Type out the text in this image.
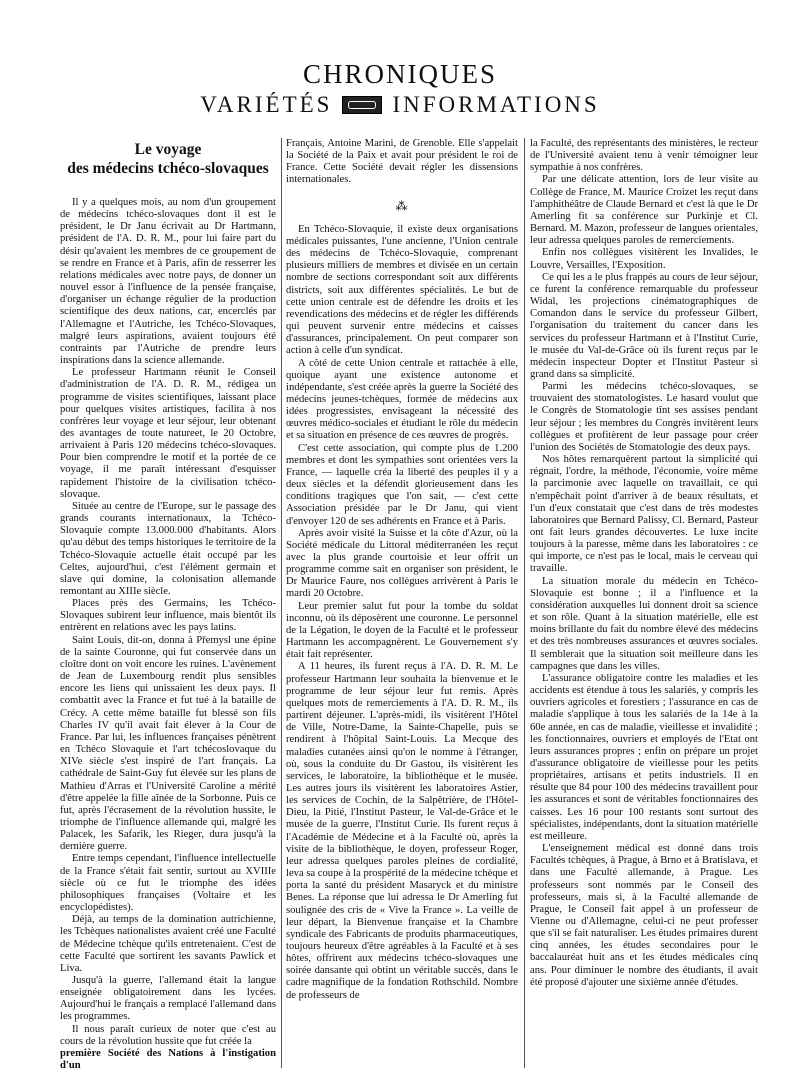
CHRONIQUES
VARIÉTÉS	INFORMATIONS
Le voyage
des médecins tchéco-slovaques

Il y a quelques mois, au nom d'un groupement de médecins tchéco-slovaques dont il est le président, le Dr Janu écrivait au Dr Hartmann, président de l'A. D. R. M., pour lui faire part du désir qu'avaient les membres de ce groupement de se rendre en France et à Paris, afin de resserrer les relations médicales avec notre pays, de donner un nouvel essor à l'influence de la pensée française, d'organiser un échange régulier de la production scientifique des deux nations, car, encerclés par l'Allemagne et l'Autriche, les Tchéco-Slovaques, malgré leurs aspirations, avaient toujours été contraints par l'Autriche de prendre leurs inspirations dans la science allemande.

Le professeur Hartmann réunit le Conseil d'administration de l'A. D. R. M., rédigea un programme de visites scientifiques, laissant place pour quelques visites artistiques, facilita à nos confrères leur voyage et leur séjour, leur obtenant des avantages de toute natureet, le 20 Octobre, arrivaient à Paris 120 médecins tchéco-slovaques. Pour bien comprendre le motif et la portée de ce voyage, il me paraît intéressant d'esquisser rapidement l'histoire de la civilisation tchéco-slovaque.

Située au centre de l'Europe, sur le passage des grands courants internationaux, la Tchéco-Slovaquie compte 13.000.000 d'habitants. Alors qu'au début des temps historiques le territoire de la Tchéco-Slovaquie actuelle était occupé par les Celtes, aujourd'hui, c'est l'élément germain et slave qui domine, la colonisation allemande remontant au XIIIe siècle.

Places près des Germains, les Tchéco-Slovaques subirent leur influence, mais bientôt ils entrèrent en relations avec les pays latins.

Saint Louis, dit-on, donna à Přemysl une épine de la sainte Couronne, qui fut conservée dans un cloître dont on voit encore les ruines. L'avènement de Jean de Luxembourg rendit plus sensibles encore les liens qui unissaient les deux pays. Il combattit avec la France et fut tué à la bataille de Crécy. A cette même bataille fut blessé son fils Charles IV qu'il avait fait élever à la Cour de France. Par lui, les influences françaises pénètrent en Tchéco Slovaquie et l'art tchécoslovaque du XIVe siècle s'est inspiré de l'art français. La cathédrale de Saint-Guy fut élevée sur les plans de Mathieu d'Arras et l'Université Caroline a mérité d'être appelée la fille aînée de la Sorbonne. Puis ce fut, après l'écrasement de la révolution hussite, le triomphe de l'influence allemande qui, malgré les Palacek, les Safarik, les Rieger, dura jusqu'à la dernière guerre.

Entre temps cependant, l'influence intellectuelle de la France s'était fait sentir, surtout au XVIIIe siècle où ce fut le triomphe des idées philosophiques françaises (Voltaire et les encyclopédistes).

Déjà, au temps de la domination autrichienne, les Tchèques nationalistes avaient créé une Faculté de Médecine tchèque qu'ils entretenaient. C'est de cette Faculté que sortirent les savants Pawlick et Liva.

Jusqu'à la guerre, l'allemand était la langue enseignée obligatoirement dans les lycées. Aujourd'hui le français a remplacé l'allemand dans les programmes.

Il nous paraît curieux de noter que c'est au cours de la révolution hussite que fut créée la

première Société des Nations à l'instigation d'un

Français, Antoine Marini, de Grenoble. Elle s'appelait la Société de la Paix et avait pour président le roi de France. Cette Société devait régler les dissensions internationales.

⁂

En Tchéco-Slovaquie, il existe deux organisations médicales puissantes, l'une ancienne, l'Union centrale des médecins de Tchéco-Slovaquie, comprenant plusieurs milliers de membres et divisée en un certain nombre de sections correspondant soit aux différents districts, soit aux différentes spécialités. Le but de cette union centrale est de défendre les droits et les revendications des médecins et de régler les différends qui peuvent survenir entre médecins et caisses d'assurances, principalement. On peut comparer son action à celle d'un syndicat.

A côté de cette Union centrale et rattachée à elle, quoique ayant une existence autonome et indépendante, s'est créée après la guerre la Société des médecins jeunes-tchèques, formée de médecins aux idées progressistes, envisageant la nécessité des œuvres médico-sociales et étudiant le rôle du médecin et sa situation en présence de ces œuvres de progrès.

C'est cette association, qui compte plus de 1.200 membres et dont les sympathies sont orientées vers la France, — laquelle créa la liberté des peuples il y a deux siècles et la défendit glorieusement dans les conditions tragiques que l'on sait, — c'est cette Association présidée par le Dr Janu, qui vient d'envoyer 120 de ses adhérents en France et à Paris.

Après avoir visité la Suisse et la côte d'Azur, où la Société médicale du Littoral méditerranéen les reçut avec la plus grande courtoisie et leur offrit un programme comme sait en organiser son président, le Dr Maurice Faure, nos collègues arrivèrent à Paris le mardi 20 Octobre.

Leur premier salut fut pour la tombe du soldat inconnu, où ils déposèrent une couronne. Le personnel de la Légation, le doyen de la Faculté et le professeur Hartmann les accompagnèrent. Le Gouvernement s'y était fait représenter.

A 11 heures, ils furent reçus à l'A. D. R. M. Le professeur Hartmann leur souhaita la bienvenue et le programme de leur séjour leur fut remis. Après quelques mots de remerciements à l'A. D. R. M., ils partirent déjeuner. L'après-midi, ils visitèrent l'Hôtel de Ville, Notre-Dame, la Sainte-Chapelle, puis se rendirent à l'hôpital Saint-Louis. La Mecque des maladies cutanées ainsi qu'on le nomme à l'étranger, où, sous la conduite du Dr Gastou, ils visitèrent les services, le laboratoire, la bibliothèque et le musée. Les autres jours ils visitèrent les laboratoires Astier, les services de Cochin, de la Salpêtrière, de l'Hôtel-Dieu, la Pitié, l'Institut Pasteur, le Val-de-Grâce et le musée de la guerre, l'Institut Curie. Ils furent reçus à l'Académie de Médecine et à la Faculté où, après la visite de la bibliothèque, le doyen, professeur Roger, leur adressa quelques paroles pleines de cordialité, leva sa coupe à la prospérité de la médecine tchèque et porta la santé du président Masaryck et du ministre Benes. La réponse que lui adressa le Dr Amerling fut soulignée des cris de « Vive la France ». La veille de leur départ, la Bienvenue française et la Chambre syndicale des Fabricants de produits pharmaceutiques, toujours heureux d'être agréables à la Faculté et à ses hôtes, offrirent aux médecins tchéco-slovaques une soirée dansante qui obtint un véritable succès, dans le cadre magnifique de la fondation Rothschild. Nombre de professeurs de

la Faculté, des représentants des ministères, le recteur de l'Université avaient tenu à venir témoigner leur sympathie à nos confrères.

Par une délicate attention, lors de leur visite au Collège de France, M. Maurice Croizet les reçut dans l'amphithéâtre de Claude Bernard et c'est là que le Dr Amerling fit sa conférence sur Purkinje et Cl. Bernard. M. Mazon, professeur de langues orientales, leur adressa quelques paroles de remerciements.

Enfin nos collègues visitèrent les Invalides, le Louvre, Versailles, l'Exposition.

Ce qui les a le plus frappés au cours de leur séjour, ce furent la conférence remarquable du professeur Widal, les projections cinématographiques de Comandon dans le service du professeur Gilbert, l'organisation du traitement du cancer dans les services du professeur Hartmann et à l'Institut Curie, le musée du Val-de-Grâce où ils furent reçus par le médecin inspecteur Dopter et l'Institut Pasteur si grand dans sa simplicité.

Parmi les médecins tchéco-slovaques, se trouvaient des stomatologistes. Le hasard voulut que le Congrès de Stomatologie tînt ses assises pendant leur séjour ; les membres du Congrès invitèrent leurs collègues et profitèrent de leur passage pour créer l'union des Sociétés de Stomatologie des deux pays.

Nos hôtes remarquèrent partout la simplicité qui régnait, l'ordre, la méthode, l'économie, voire même la parcimonie avec laquelle on travaillait, ce qui n'empêchait point d'arriver à de beaux résultats, et l'un d'eux constatait que c'est dans de très modestes laboratoires que Bernard Palissy, Cl. Bernard, Pasteur ont fait leurs grandes découvertes. Le luxe incite toujours à la paresse, même dans les laboratoires : ce qui importe, ce n'est pas le local, mais le cerveau qui travaille.

La situation morale du médecin en Tchéco-Slovaquie est bonne ; il a l'influence et la considération auxquelles lui donnent droit sa science et son rôle. Quant à la situation matérielle, elle est moins brillante du fait du nombre élevé des médecins et des très nombreuses assurances et œuvres sociales. Il semblerait que la situation soit meilleure dans les campagnes que dans les villes.

L'assurance obligatoire contre les maladies et les accidents est étendue à tous les salariés, y compris les ouvriers agricoles et forestiers ; l'assurance en cas de maladie s'applique à tous les salariés de la 14e à la 60e année, en cas de maladie, vieillesse et invalidité ; les fonctionnaires, ouvriers et employés de l'Etat ont leurs assurances propres ; enfin on prépare un projet d'assurance obligatoire de vieillesse pour les petits propriétaires, artisans et petits industriels. Il en résulte que 84 pour 100 des médecins travaillent pour les assurances et sont de véritables fonctionnaires des caisses. Les 16 pour 100 restants sont surtout des spécialistes, indépendants, dont la situation matérielle est meilleure.

L'enseignement médical est donné dans trois Facultés tchèques, à Prague, à Brno et à Bratislava, et dans une Faculté allemande, à Prague. Les professeurs sont nommés par le Conseil des professeurs, mais si, à la Faculté allemande de Prague, le Conseil fait appel à un professeur de Vienne ou d'Allemagne, celui-ci ne peut professer que s'il se fait naturaliser. Les études primaires durent cinq années, les études secondaires pour le baccalauréat huit ans et les études médicales cinq ans. Pour diminuer le nombre des étudiants, il avait été proposé d'ajouter une sixième année d'études.
